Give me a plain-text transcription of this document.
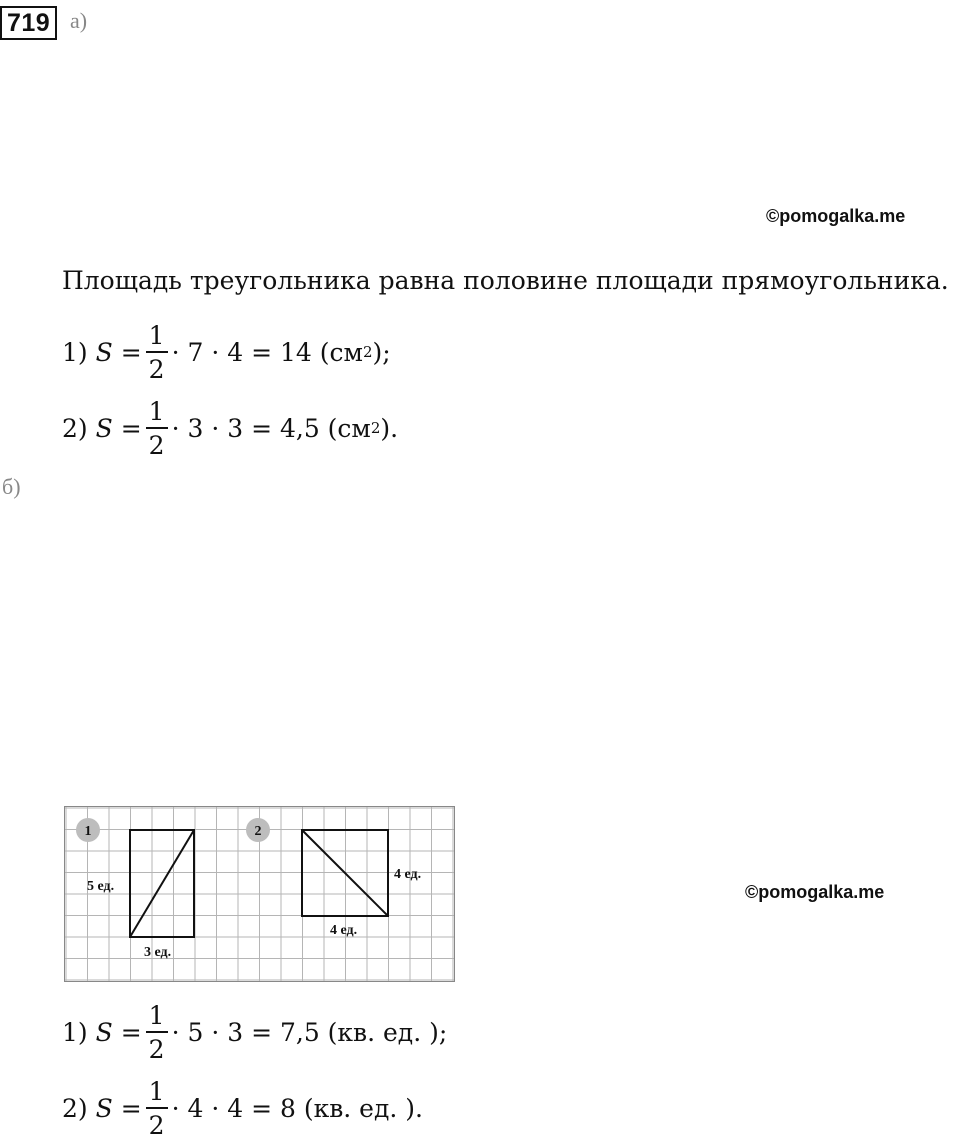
719 а)
©pomogalka.me
Площадь треугольника равна половине площади прямоугольника.
1)
S
= $\frac{1}{2} \cdot 7 \cdot 4 = 14$ (см 2 );
2)
S
= $\frac{1}{2} \cdot 3 \cdot 3 = 4,5$ (см 2 ).
б)
1
5 ед.
3 ед.
2
4 ед.
4 ед.
©pomogalka.me
1)
S
= $\frac{1}{2} \cdot 5 \cdot 3 = 7,5$ (кв. ед. );
2)
S
= $\frac{1}{2} \cdot 4 \cdot 4 = 8$ (кв. ед. ).
